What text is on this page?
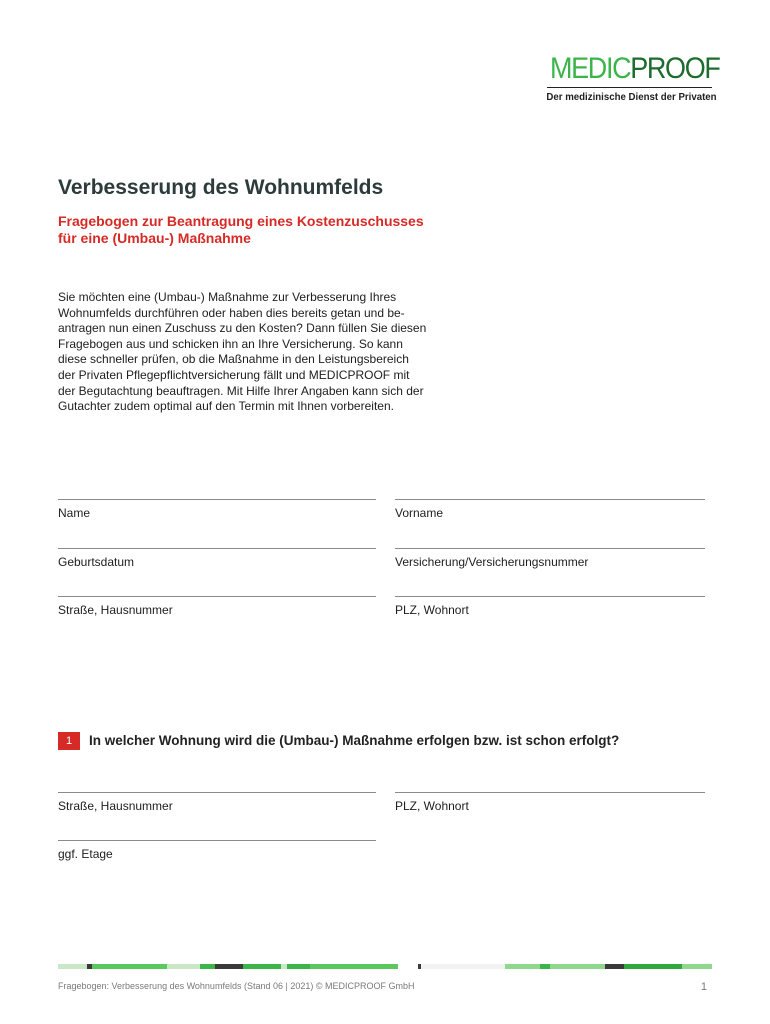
MEDICPROOF
Der medizinische Dienst der Privaten
Verbesserung des Wohnumfelds
Fragebogen zur Beantragung eines Kostenzuschusses
für eine (Umbau-) Maßnahme
Sie möchten eine (Umbau-) Maßnahme zur Verbesserung Ihres
Wohnumfelds durchführen oder haben dies bereits getan und be-
antragen nun einen Zuschuss zu den Kosten? Dann füllen Sie diesen
Fragebogen aus und schicken ihn an Ihre Versicherung. So kann
diese schneller prüfen, ob die Maßnahme in den Leistungsbereich
der Privaten Pflegepflichtversicherung fällt und MEDICPROOF mit
der Begutachtung beauftragen. Mit Hilfe Ihrer Angaben kann sich der
Gutachter zudem optimal auf den Termin mit Ihnen vorbereiten.
Name	Vorname
Geburtsdatum	Versicherung/Versicherungsnummer
Straße, Hausnummer	PLZ, Wohnort
1	In welcher Wohnung wird die (Umbau-) Maßnahme erfolgen bzw. ist schon erfolgt?
Straße, Hausnummer	PLZ, Wohnort
ggf. Etage
Fragebogen: Verbesserung des Wohnumfelds (Stand 06 | 2021) © MEDICPROOF GmbH	1
